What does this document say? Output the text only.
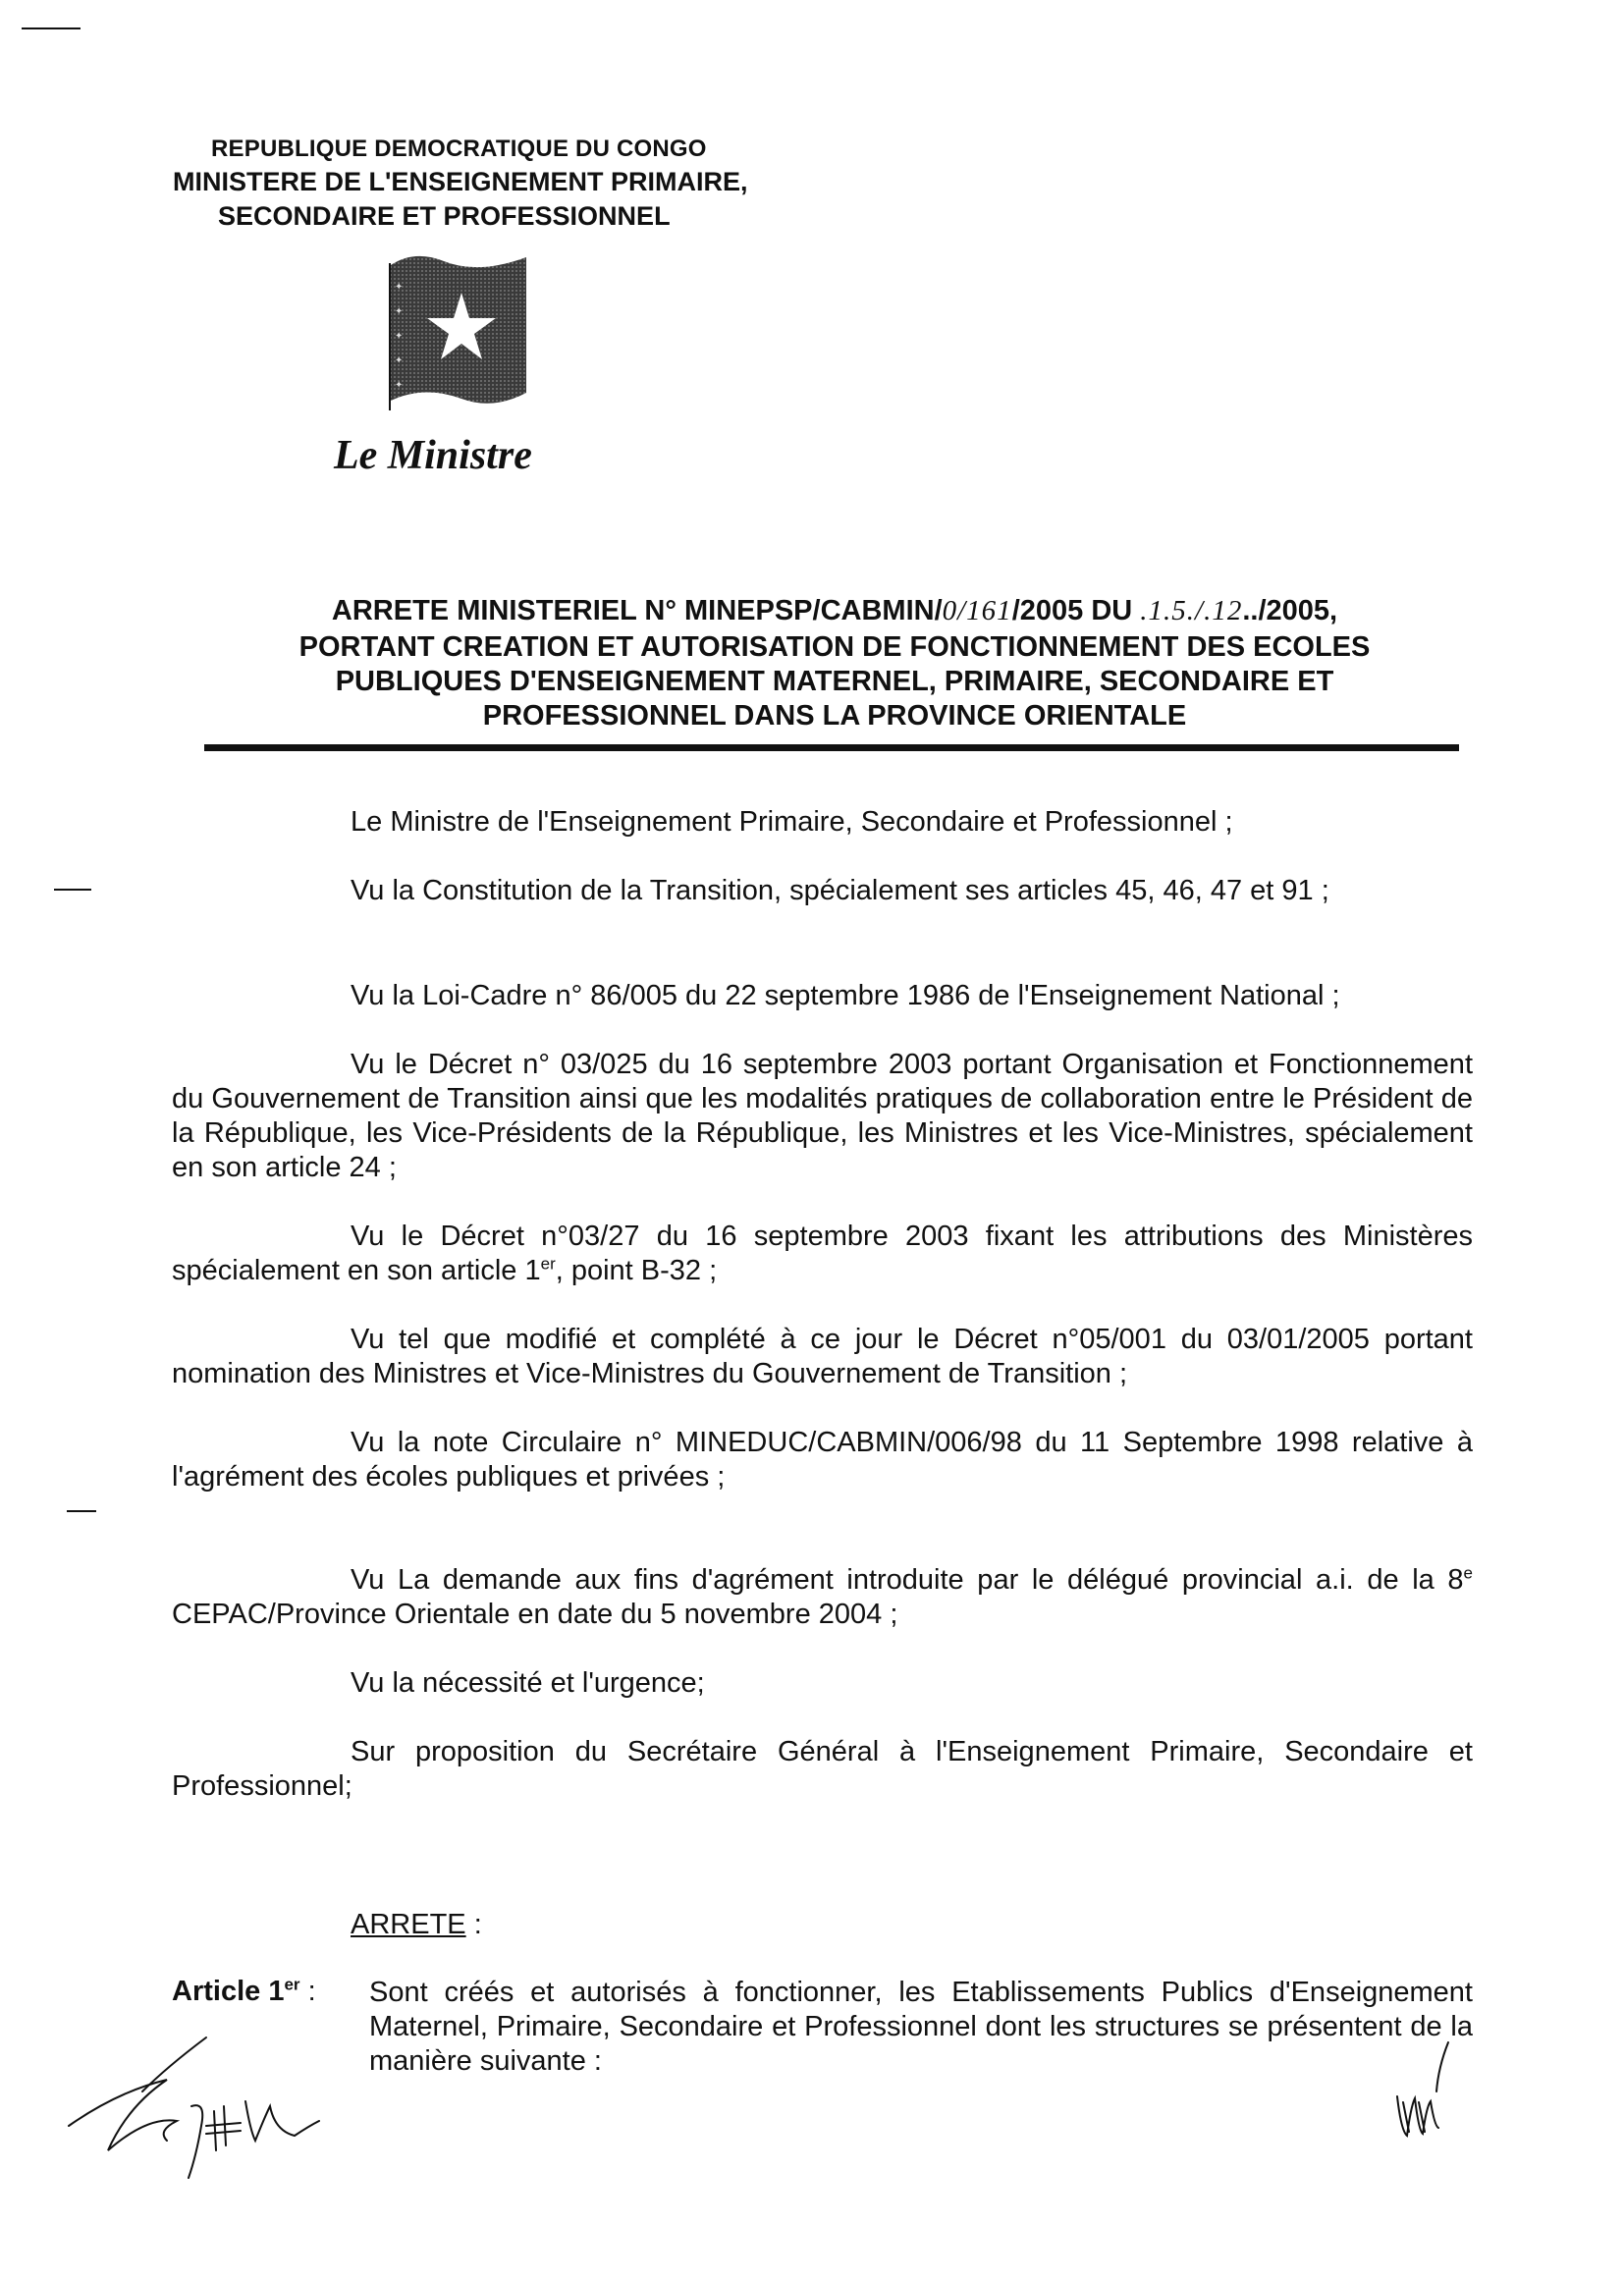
REPUBLIQUE DEMOCRATIQUE DU CONGO
MINISTERE DE L'ENSEIGNEMENT PRIMAIRE,
SECONDAIRE ET PROFESSIONNEL
✦
✦
✦
✦
✦
Le Ministre
ARRETE MINISTERIEL N° MINEPSP/CABMIN/0/161/2005 DU .1.5./.12../2005,
PORTANT CREATION ET AUTORISATION DE FONCTIONNEMENT DES ECOLES
PUBLIQUES D'ENSEIGNEMENT MATERNEL, PRIMAIRE, SECONDAIRE ET
PROFESSIONNEL DANS LA PROVINCE ORIENTALE
Le Ministre de l'Enseignement Primaire, Secondaire et Professionnel ;
Vu la Constitution de la Transition, spécialement ses articles 45, 46, 47 et 91 ;
Vu la Loi-Cadre n° 86/005 du 22 septembre 1986 de l'Enseignement National ;
Vu le Décret n° 03/025 du 16 septembre 2003 portant Organisation et Fonctionnement du Gouvernement de Transition ainsi que les modalités pratiques de collaboration entre le Président de la République, les Vice-Présidents de la République, les Ministres et les Vice-Ministres, spécialement en son article 24 ;
Vu le Décret n°03/27 du 16 septembre 2003 fixant les attributions des Ministères spécialement en son article 1er, point B-32 ;
Vu tel que modifié et complété à ce jour le Décret n°05/001 du 03/01/2005 portant nomination des Ministres et Vice-Ministres du Gouvernement de Transition ;
Vu la note Circulaire n° MINEDUC/CABMIN/006/98 du 11 Septembre 1998 relative à l'agrément des écoles publiques et privées ;
Vu La demande aux fins d'agrément introduite par le délégué provincial a.i. de la 8e CEPAC/Province Orientale en date du 5 novembre 2004 ;
Vu la nécessité et l'urgence;
Sur proposition du Secrétaire Général à l'Enseignement Primaire, Secondaire et Professionnel;
ARRETE :
Article 1er : Sont créés et autorisés à fonctionner, les Etablissements Publics d'Enseignement Maternel, Primaire, Secondaire et Professionnel dont les structures se présentent de la manière suivante :
